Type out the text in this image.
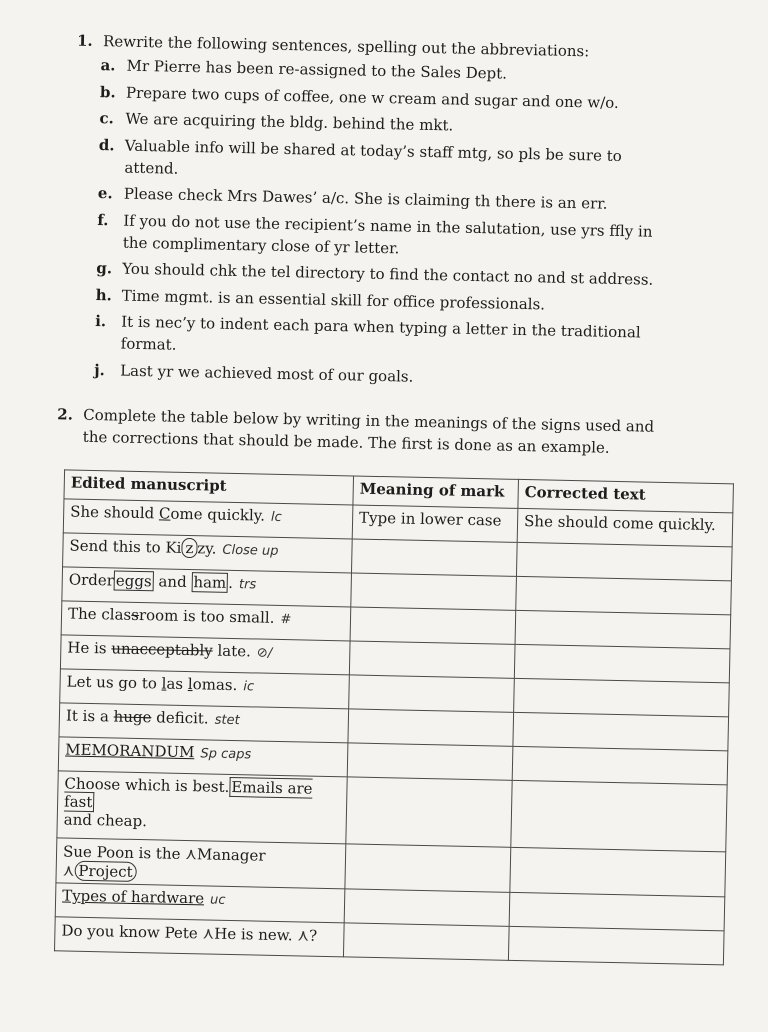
1. Rewrite the following sentences, spelling out the abbreviations:
a. Mr Pierre has been re-assigned to the Sales Dept.
b. Prepare two cups of coffee, one w cream and sugar and one w/o.
c. We are acquiring the bldg. behind the mkt.
d. Valuable info will be shared at today’s staff mtg, so pls be sure to attend.
e. Please check Mrs Dawes’ a/c. She is claiming th there is an err.
f. If you do not use the recipient’s name in the salutation, use yrs ffly in the complimentary close of yr letter.
g. You should chk the tel directory to find the contact no and st address.
h. Time mgmt. is an essential skill for office professionals.
i. It is nec’y to indent each para when typing a letter in the traditional format.
j. Last yr we achieved most of our goals.
2. Complete the table below by writing in the meanings of the signs used and the corrections that should be made. The first is done as an example.
Edited manuscript	Meaning of mark	Corrected text
She should Come quickly. lc	Type in lower case	She should come quickly.
Send this to Ki z zy. Close up		
Order eggs and ham . trs		
The classroom is too small. #		
He is unacceptably late. ⊘/		
Let us go to las lomas. ic		
It is a huge deficit. stet		
MEMORANDUM Sp caps		
Choose which is best. Emails are fast
and cheap.		
Sue Poon is the ⋏Manager ⋏ Project		
Types of hardware uc		
Do you know Pete ⋏He is new. ⋏?		
